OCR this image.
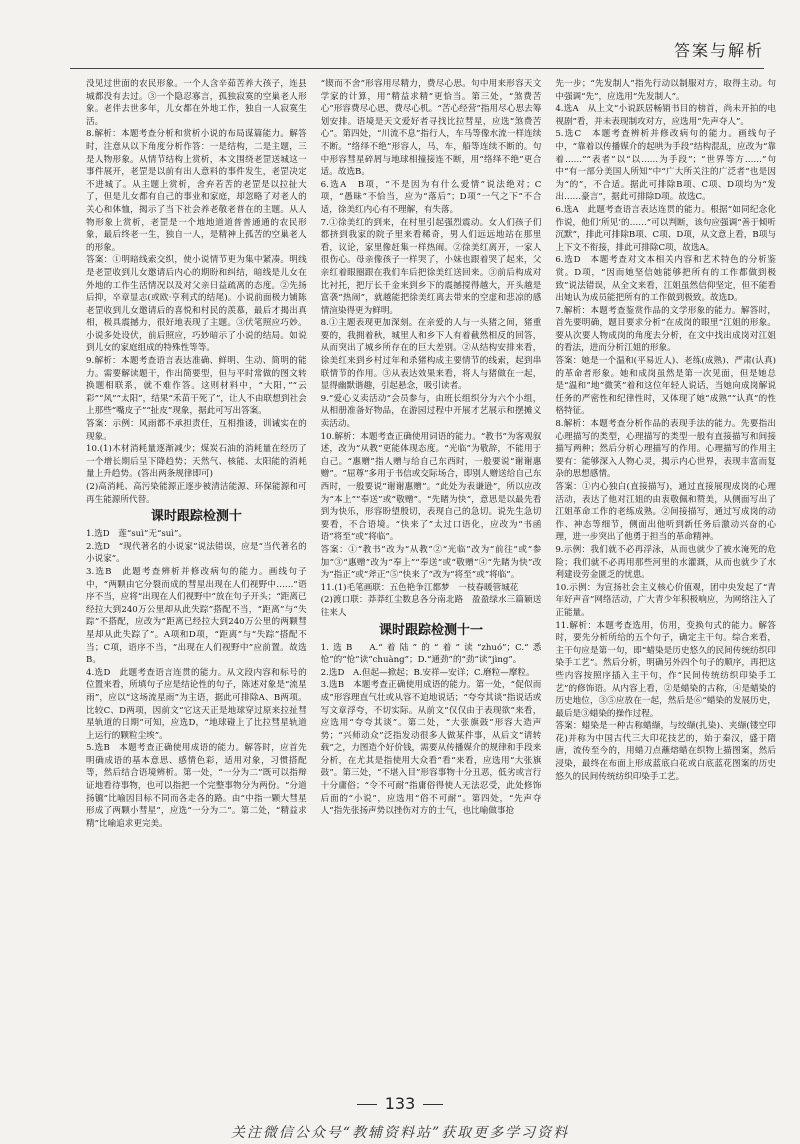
答案与解析

没见过世面的农民形象。一个人含辛茹苦养大孩子，连县城都没有去过。③一个隐忍寡言，孤独寂寞的空巢老人形象。老伴去世多年，儿女都在外地工作，独自一人寂寞生活。

8.解析：本题考查分析和赏析小说的布局谋篇能力。解答时，注意从以下角度分析作答：一是结构，二是主题，三是人物形象。从情节结构上赏析，本文围绕老罡送城这一事件展开，老罡是以前有出人意料的事件发生，老罡决定不进城了。从主题上赏析，舍弃若苦的老罡是以拉扯大了，但是儿女都有自己的事业和家庭，却忽略了对老人的关心和体恤，揭示了当下社会养老敬老普在的主题。从人物形象上赏析，老罡是一个地地道道普普通通的农民形象，最后终老一生，独自一人，是精神上孤苦的空巢老人的形象。

答案：①明暗线索交织，使小说情节更为集中紧凑。明线是老罡收到儿女邀请后内心的期盼和纠结，暗线是儿女在外地的工作生活情况以及对父亲日益疏离的态度。②先扬后抑，卒章显志(或欧·亨利式的结尾)。小说前面极力铺陈老罡收到儿女邀请后的喜悦和村民的羡慕，最后才揭出真相，极具震撼力，很好地表现了主题。③伏笔照应巧妙。小说多处设伏，前后照应，巧妙暗示了小说的结局。如说到儿女的家庭组成的特殊性等等。

9.解析：本题考查语言表达准确、鲜明、生动、简明的能力。需要解读题干，作出简要型，但与平时常做的图文转换题相联系，就不难作答。这则材料中，“大阳，”“云彩”“风”“太阳”，结果“禾苗干死了”，让人不由联想到社会上那些“嘴皮子”“扯皮”现象，据此可写出答案。

答案：示例：风雨都不承担责任，互相推诿，训诫实在的现象。

10.(1)木材消耗量逐渐减少；煤炭石油的消耗量在经历了一个增长期后呈下降趋势；天然气、核能、太阳能的消耗量上升趋势。(答出两条规律即可)

(2)高消耗、高污染能源正逐步被清洁能源、环保能源和可再生能源所代替。

课时跟踪检测十

1.选D　莲“suì”无“suì”。

2.选D　“现代著名的小说家”说法错误，应是“当代著名的小说家”。

3.选B　此题考查辨析并修改病句的能力。画线句子中，“两颗由它分裂而成的彗星出现在人们视野中……”语序不当，应将“出现在人们视野中”放在句子开头；“距离已经拉大到240万公里却从此失踪”搭配不当，“距离”与“失踪”不搭配，应改为“距离已经拉大到240万公里的两颗彗星却从此失踪了”。A项和D项，“距离”与“失踪”搭配不当；C项，语序不当，“出现在人们视野中”应前置。故选B。

4.选D　此题考查语言连贯的能力。从文段内容和标号的位置来看，所填句子应是结论性的句子，陈述对象是“流星雨”，应以“这场流星雨”为主语，据此可排除A、B两项。比较C、D两项，因前文“它这天正是地球穿过原来拉扯彗星轨道的日期”可知，应选D，“地球碰上了比拉彗星轨道上运行的颗粒尘埃”。

5.选B　本题考查正确使用成语的能力。解答时，应首先明确成语的基本意思、感情色彩，适用对象，习惯搭配等，然后结合语境辨析。第一处，“一分为二”既可以指辩证地看待事物，也可以指把一个完整事物分为两份。“分道扬镳”比喻因目标不同而各走各的路。由“中指一颗大彗星形成了两颗小彗星”，应选“一分为二”。第二处，“精益求精”比喻追求更完美。

“锲而不舍”形容用尽精力，费尽心思。句中用来形容天文学家的计算，用“精益求精”更恰当。第三处，“煞费苦心”形容费尽心思，费尽心机。“苦心经营”指用尽心思去筹划安排。语境是天文爱好者寻找比拉彗星，应选“煞费苦心”。第四处，“川流不息”指行人，车马等像水流一样连续不断。“络绎不绝”形容人，马，车，船等连续不断的。句中形容彗星碎屑与地球相撞接连不断，用“络绎不绝”更合适。故选B。

6.选A　B项，“不是因为有什么爱情”说法绝对；C项，“愚昧”不恰当，应为“落后”；D项“一气之下”不合适，徐美红内心有不理解，有失落。

7.①徐美红的到来，在村里引起强烈震动。女人们孩子们都挤到我家的院子里来看稀奇，男人们远远地站在那里看，议论，家里像赶集一样热闹。②徐美红离开，一家人很伤心。母亲像孩子一样哭了，小妹也跟着哭了起来，父亲红着眼圈跟在我们车后把徐美红送回来。③前后构成对比衬托，把厅长千金来到乡下的震撼搅得越大，开头越是富袭“热闹”，就越能把徐美红离去带来的空虚和悲凉的感情渲染得更为鲜明。

8.①主题表现更加深刻。在亲爱的人与一头猪之间，猪重要的，我拥着秋，城里人和乡下人有着截然相反的回答，从而突出了城乡所存在的巨大差别。②从结构安排来看，徐美红来到乡村过年和杀猪构成主要情节的线索，起到串联情节的作用。③从表达效果来看，将人与猪做在一起，显得幽默谐趣，引起悬念，吸引读者。

9.“爱心义卖活动”会员参与，由班长组织分为六个小组，从相册准备好物品，在游园过程中开展才艺展示和摆摊义卖活动。

10.解析：本题考查正确使用词语的能力。“教书”为客观叙述，改为“从教”更能体现态度。“光临”为敬辞，不能用于自己。“惠赠”指人赠与给自己东西时，一般要说“谢谢惠赠”。“屈尊”多用于书信或交际场合，即别人赠送给自己东西时，一般要说“谢谢惠赠”。“此处为表谦逊”，所以应改为“本上”“奉送”或“敬赠”。“先睹为快”，意思是以最先看到为快乐，形容盼望殷切，表现自己的急切。说先生急切要看，不合语境。“快来了”太过口语化，应改为“书函语”将至“或”将临”。

答案：①“教书”改为“从教”②“光临”改为“前往”或“参加”③“惠赠”改为“奉上”“奉送”或“敬赠”④“先睹为快”改为“指正”或“斧正”⑤“快来了”改为“将至”或“将临”。

11.(1)毛笔画联：五色艳争江都梦　一枝春暖管城花

(2)渡口联：莽莽红尘数息各分南北路　盈盈绿水三篇颖送往来人

课时跟踪检测十一

1.选B　A.“着陆”的“着”读“zhuó”；C.“悉怆”的“怆”读“chuàng”；D.“通劲”的“劲”读“jìng”。

2.选D　A.但起—掀起；B.安祥—安详；C.磨粒—摩粒。

3.选B　本题考查正确使用成语的能力。第一处，“促似而成”形容理直气壮或从容不迫地说话；“夸夸其谈”指说话或写文章浮夸，不切实际。从前文“仅仅由于表现欲”来看，应选用“夸夸其谈”。第二处，“大张旗鼓”形容大造声势；“兴师动众”泛指发动很多人做某件事，从后文“请转载”之，力图造个好价钱，需要从传播媒介的规律和手段来分析，在尤其是指使用大众看”看“来看，应选用“大张旗鼓”。第三处，“不堪入目”形容事物十分丑恶，低劣或言行十分庸俗；“令不可耐”指庸俗得使人无法忍受，此处修饰后面的“小说”，应选用“俗不可耐”。第四处，“先声夺人”指先张扬声势以挫伤对方的士气，也比喻做事抢

先一步；“先发制人”指先行动以制服对方，取得主动。句中强调“先”，应选用“先发制人”。

4.选A　从上文“小说跃居畅销书目的榜首，尚未开拍的电视剧”看，并未表现制攻对方，应选用“先声夺人”。

5.选C　本题考查辨析并修改病句的能力。画线句子中，“靠着以传播媒介的起哄为手段”结构混乱，应改为“靠着……”“表者”以“以……为手段”；“世界等方……”句中“有一部分美国人所知”中“广大所关注的广泛者”也是因为“的”，不合适。据此可排除B项、C项、D项均为“发出……豪言”，据此可排除D项。故选C。

6.选A　此题考查语言表达连贯的能力。根据“如同纪念化作说，他们‘所见’的……”可以判断，该句应强调“善于倾听沉默”，排此可排除B项、C项、D项，从文意上看，B项与上下文不衔接，排此可排除C项，故选A。

6.选D　本题考查对文本相关内容和艺术特色的分析鉴赏。D项，“因而她坚信她能够把所有的工作都做到极致”说法错误，从全文来看，江姐虽然信仰坚定，但不能看出她认为成员能把所有的工作做到极致。故选D。

7.解析：本题考查鉴赏作品的文学形象的能力。解答时，首先要明确，题目要求分析“在成岗的眼里”江姐的形象。要从次要人物成岗的角度去分析，在文中找出成岗对江姐的看法，进而分析江姐的形象。

答案：她是一个温和(平易近人)、老练(成熟)、严肃(认真)的革命者形象。她和成岗虽然是第一次见面，但是她总是“温和”地“微笑”着和这位年轻人说话，当她向成岗解说任务的严密性和纪律性时，又体现了她“成熟”“认真”的性格特征。

8.解析：本题考查分析作品的表现手法的能力。先要指出心理描写的类型，心理描写的类型一般有直接描写和间接描写两种；然后分析心理描写的作用。心理描写的作用主要有：能够深入人物心灵，揭示内心世界，表现丰富而复杂的思想感情。

答案：①内心独白(直接描写)，通过直接展现成岗的心理活动，表达了他对江姐的由衷敬佩和赞美，从侧面写出了江姐革命工作的老练成熟。②间接描写，通过写成岗的动作、神态等细节，侧面出他听到新任务后激动兴奋的心理，进一步突出了他勇于担当的革命精神。

9.示例：我们就不必再浮泳，从而也就少了被水淹死的危险；我们就不必再用那些河里的水灌溉，从而也就少了水利建设劳金匮乏的忧患。

10.示例：为宣扬社会主义核心价值观，团中央发起了“青年好声音”网络活动，广大青少年积极响应，为网络注入了正能量。

11.解析：本题考查选用，仿用，变换句式的能力。解答时，要先分析所给的五个句子，确定主干句。综合来看，主干句应是第一句，即“蜡染是历史悠久的民间传统纺织印染手工艺”。然后分析，明确另外四个句子的顺序，再把这些内容按照序插入主干句，作“民间传统纺织印染手工艺”的修饰语。从内容上看，②是蜡染的古称，④是蜡染的历史地位，③⑤应放在一起，然后是⑥“蜡染的发展历史，最后是③蜡染的操作过程。

答案：蜡染是一种古称蜡缬，与绞缬(扎染)、夹缬(镂空印花)并称为中国古代三大印花技艺的，始于秦汉，盛于隋唐，流传至今的，用蜡刀点蘸熔蜡在织物上描图案，然后浸染，最终在布面上形成蓝底白花或白底蓝花图案的历史悠久的民间传统纺织印染手工艺。

133
关注微信公众号“教辅资料站”获取更多学习资料
